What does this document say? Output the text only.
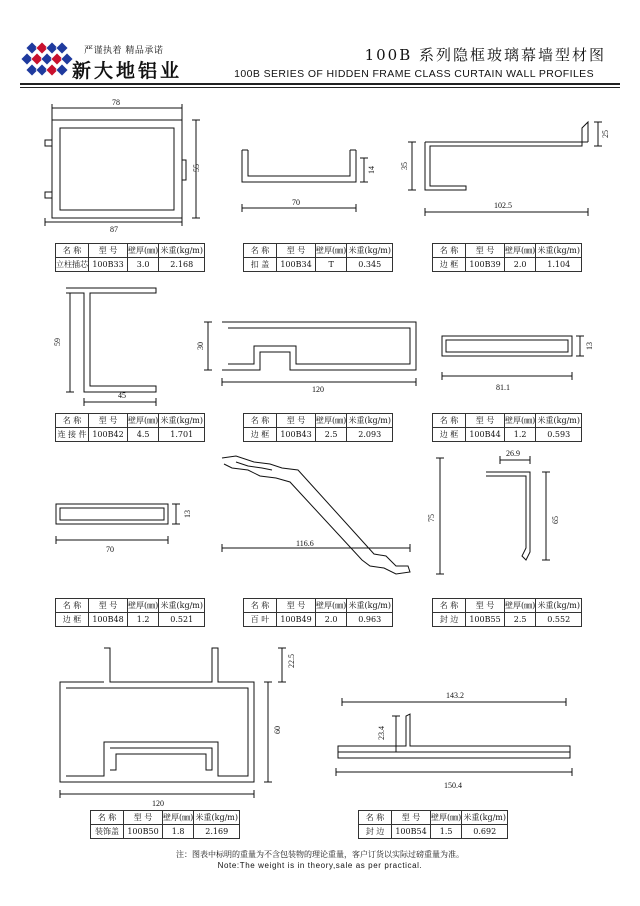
严谨执着 精品承诺
新大地铝业
100B 系列隐框玻璃幕墙型材图
100B SERIES OF HIDDEN FRAME CLASS CURTAIN WALL PROFILES
78
87
55
70
14
102.5
35
25
59
45
120
30
81.1
13
70
13
116.6
75
26.9
65
120
22.5
60
143.2
23.4
150.4
名 称	型 号	壁厚(㎜)	米重(kg/m)
立柱插芯	100B33	3.0	2.168
名 称	型 号	壁厚(㎜)	米重(kg/m)
扣 盖	100B34	T	0.345
名 称	型 号	壁厚(㎜)	米重(kg/m)
边 框	100B39	2.0	1.104
名 称	型 号	壁厚(㎜)	米重(kg/m)
连 接 件	100B42	4.5	1.701
名 称	型 号	壁厚(㎜)	米重(kg/m)
边 框	100B43	2.5	2.093
名 称	型 号	壁厚(㎜)	米重(kg/m)
边 框	100B44	1.2	0.593
名 称	型 号	壁厚(㎜)	米重(kg/m)
边 框	100B48	1.2	0.521
名 称	型 号	壁厚(㎜)	米重(kg/m)
百 叶	100B49	2.0	0.963
名 称	型 号	壁厚(㎜)	米重(kg/m)
封 边	100B55	2.5	0.552
名 称	型 号	壁厚(㎜)	米重(kg/m)
装饰盖	100B50	1.8	2.169
名 称	型 号	壁厚(㎜)	米重(kg/m)
封 边	100B54	1.5	0.692
注：图表中标明的重量为不含包装物的理论重量，客户订货以实际过磅重量为准。
Note:The weight is in theory,sale as per practical.
